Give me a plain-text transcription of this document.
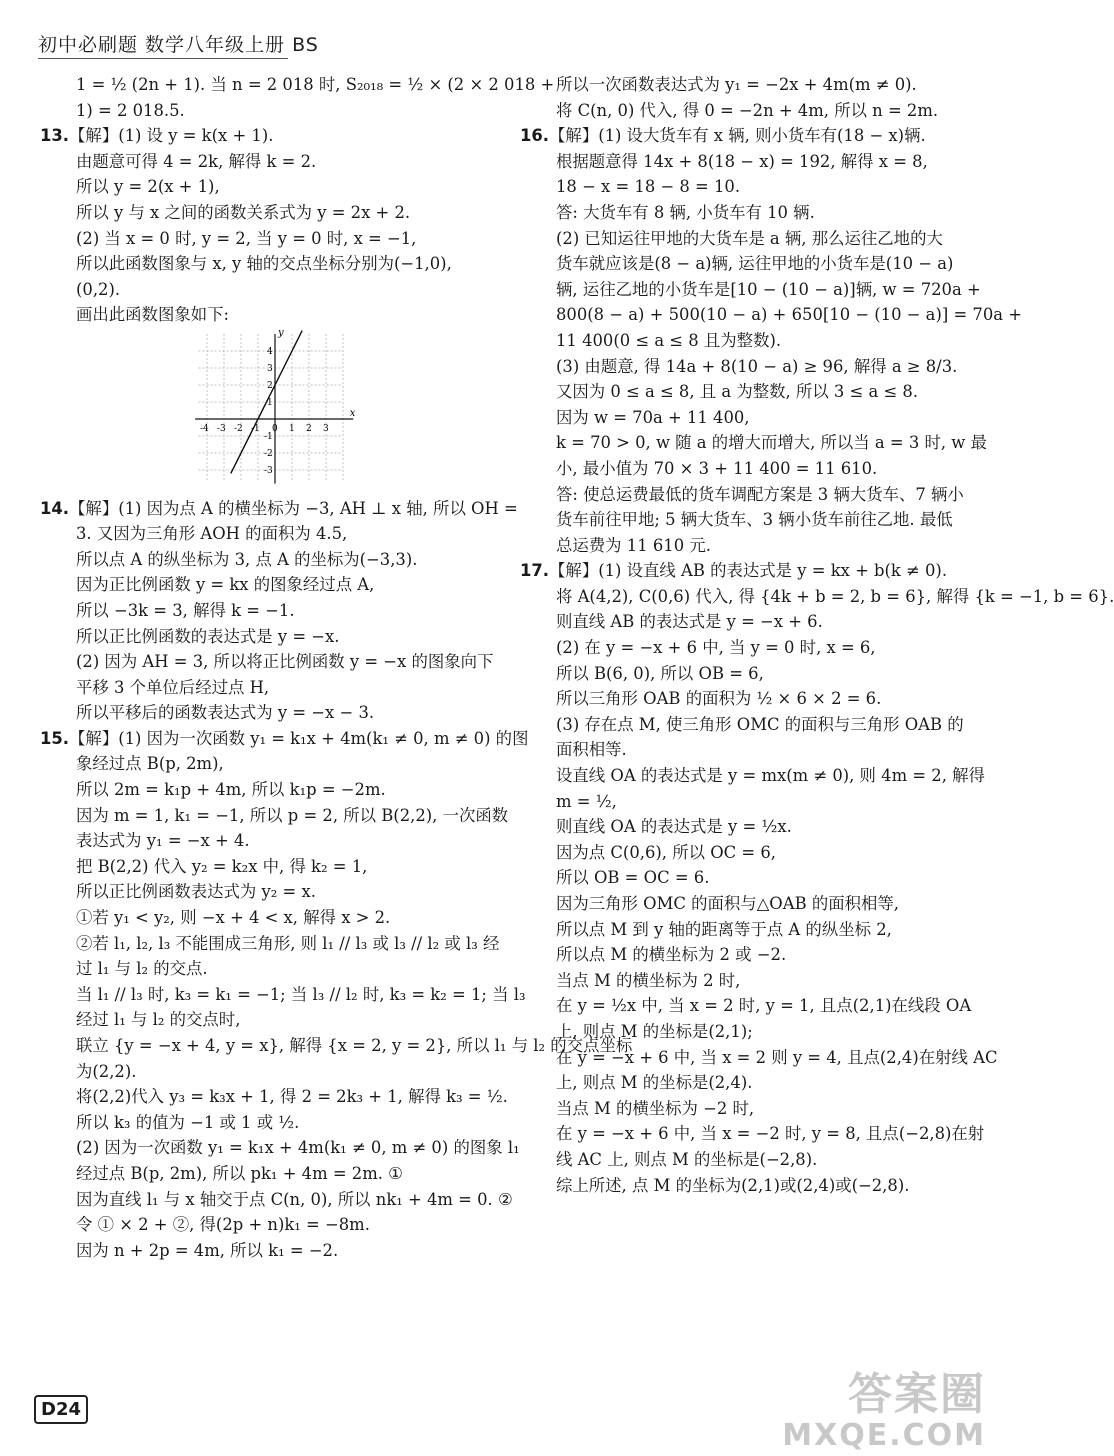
初中必刷题 数学八年级上册 BS
1 = ½ (2n + 1). 当 n = 2 018 时, S₂₀₁₈ = ½ × (2 × 2 018 +
1) = 2 018.5.
13.【解】(1) 设 y = k(x + 1).
由题意可得 4 = 2k, 解得 k = 2.
所以 y = 2(x + 1),
所以 y 与 x 之间的函数关系式为 y = 2x + 2.
(2) 当 x = 0 时, y = 2, 当 y = 0 时, x = −1,
所以此函数图象与 x, y 轴的交点坐标分别为(−1,0),
(0,2).
画出此函数图象如下:
x
y
-4 -3 -2 -1 0 1 2 3
4
3
2
1
-1
-2
-3
14.【解】(1) 因为点 A 的横坐标为 −3, AH ⊥ x 轴, 所以 OH =
3. 又因为三角形 AOH 的面积为 4.5,
所以点 A 的纵坐标为 3, 点 A 的坐标为(−3,3).
因为正比例函数 y = kx 的图象经过点 A,
所以 −3k = 3, 解得 k = −1.
所以正比例函数的表达式是 y = −x.
(2) 因为 AH = 3, 所以将正比例函数 y = −x 的图象向下
平移 3 个单位后经过点 H,
所以平移后的函数表达式为 y = −x − 3.
15.【解】(1) 因为一次函数 y₁ = k₁x + 4m(k₁ ≠ 0, m ≠ 0) 的图
象经过点 B(p, 2m),
所以 2m = k₁p + 4m, 所以 k₁p = −2m.
因为 m = 1, k₁ = −1, 所以 p = 2, 所以 B(2,2), 一次函数
表达式为 y₁ = −x + 4.
把 B(2,2) 代入 y₂ = k₂x 中, 得 k₂ = 1,
所以正比例函数表达式为 y₂ = x.
①若 y₁ < y₂, 则 −x + 4 < x, 解得 x > 2.
②若 l₁, l₂, l₃ 不能围成三角形, 则 l₁ // l₃ 或 l₃ // l₂ 或 l₃ 经
过 l₁ 与 l₂ 的交点.
当 l₁ // l₃ 时, k₃ = k₁ = −1; 当 l₃ // l₂ 时, k₃ = k₂ = 1; 当 l₃
经过 l₁ 与 l₂ 的交点时,
联立 {y = −x + 4, y = x}, 解得 {x = 2, y = 2}, 所以 l₁ 与 l₂ 的交点坐标
为(2,2).
将(2,2)代入 y₃ = k₃x + 1, 得 2 = 2k₃ + 1, 解得 k₃ = ½.
所以 k₃ 的值为 −1 或 1 或 ½.
(2) 因为一次函数 y₁ = k₁x + 4m(k₁ ≠ 0, m ≠ 0) 的图象 l₁
经过点 B(p, 2m), 所以 pk₁ + 4m = 2m. ①
因为直线 l₁ 与 x 轴交于点 C(n, 0), 所以 nk₁ + 4m = 0. ②
令 ① × 2 + ②, 得(2p + n)k₁ = −8m.
因为 n + 2p = 4m, 所以 k₁ = −2.
所以一次函数表达式为 y₁ = −2x + 4m(m ≠ 0).
将 C(n, 0) 代入, 得 0 = −2n + 4m, 所以 n = 2m.
16.【解】(1) 设大货车有 x 辆, 则小货车有(18 − x)辆.
根据题意得 14x + 8(18 − x) = 192, 解得 x = 8,
18 − x = 18 − 8 = 10.
答: 大货车有 8 辆, 小货车有 10 辆.
(2) 已知运往甲地的大货车是 a 辆, 那么运往乙地的大
货车就应该是(8 − a)辆, 运往甲地的小货车是(10 − a)
辆, 运往乙地的小货车是[10 − (10 − a)]辆, w = 720a +
800(8 − a) + 500(10 − a) + 650[10 − (10 − a)] = 70a +
11 400(0 ≤ a ≤ 8 且为整数).
(3) 由题意, 得 14a + 8(10 − a) ≥ 96, 解得 a ≥ 8/3.
又因为 0 ≤ a ≤ 8, 且 a 为整数, 所以 3 ≤ a ≤ 8.
因为 w = 70a + 11 400,
k = 70 > 0, w 随 a 的增大而增大, 所以当 a = 3 时, w 最
小, 最小值为 70 × 3 + 11 400 = 11 610.
答: 使总运费最低的货车调配方案是 3 辆大货车、7 辆小
货车前往甲地; 5 辆大货车、3 辆小货车前往乙地. 最低
总运费为 11 610 元.
17.【解】(1) 设直线 AB 的表达式是 y = kx + b(k ≠ 0).
将 A(4,2), C(0,6) 代入, 得 {4k + b = 2, b = 6}, 解得 {k = −1, b = 6}.
则直线 AB 的表达式是 y = −x + 6.
(2) 在 y = −x + 6 中, 当 y = 0 时, x = 6,
所以 B(6, 0), 所以 OB = 6,
所以三角形 OAB 的面积为 ½ × 6 × 2 = 6.
(3) 存在点 M, 使三角形 OMC 的面积与三角形 OAB 的
面积相等.
设直线 OA 的表达式是 y = mx(m ≠ 0), 则 4m = 2, 解得
m = ½,
则直线 OA 的表达式是 y = ½x.
因为点 C(0,6), 所以 OC = 6,
所以 OB = OC = 6.
因为三角形 OMC 的面积与△OAB 的面积相等,
所以点 M 到 y 轴的距离等于点 A 的纵坐标 2,
所以点 M 的横坐标为 2 或 −2.
当点 M 的横坐标为 2 时,
在 y = ½x 中, 当 x = 2 时, y = 1, 且点(2,1)在线段 OA
上, 则点 M 的坐标是(2,1);
在 y = −x + 6 中, 当 x = 2 则 y = 4, 且点(2,4)在射线 AC
上, 则点 M 的坐标是(2,4).
当点 M 的横坐标为 −2 时,
在 y = −x + 6 中, 当 x = −2 时, y = 8, 且点(−2,8)在射
线 AC 上, 则点 M 的坐标是(−2,8).
综上所述, 点 M 的坐标为(2,1)或(2,4)或(−2,8).
D24	答案圈
MXQE.COM
